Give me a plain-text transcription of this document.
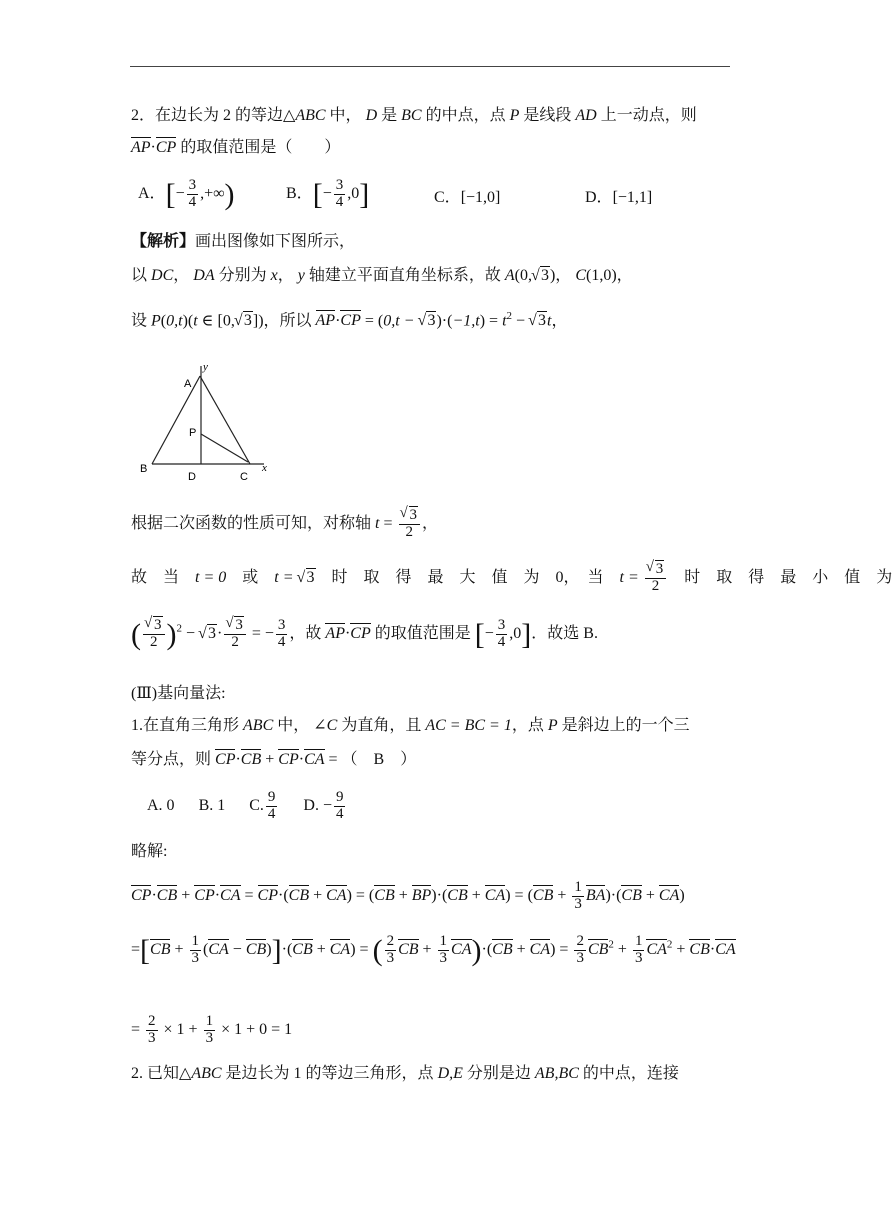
2．在边长为 2 的等边△ABC 中， D 是 BC 的中点，点 P 是线段 AD 上一动点，则
AP·CP 的取值范围是（　　）
A．[− $\frac{3}{4}$ ,+∞)	B．[− $\frac{3}{4} ,0$]	C．[−1,0]	D．[−1,1]
【解析】画出图像如下图所示，
以 DC， DA 分别为 x， y 轴建立平面直角坐标系，故 A(0, √ 3)， C(1,0)，
设 P(0,t)(t ∈ [0, √ 3])，所以 AP·CP = (0,t − √ $3)\cdot(-1,t) = t^2$ − √ 3t，
A
y
P
B
D	C
x
根据二次函数的性质可知，对称轴 t = √ $\frac{3}{2}$ ，
故　当　t = 0　或　t = √ 3　时　取　得　最　大　值　为　0，　当　t = √ $\frac{3}{2}$ 　时　取　得　最　小　值　为
( √ $\frac{3}{2} )^2$ − √ 3· √ $\frac{3}{2}$ = − $\frac{3}{4}$ ，故 AP·CP 的取值范围是 [− $\frac{3}{4} ,0$]．故选 B.
(Ⅲ)基向量法:
1.在直角三角形 ABC 中， ∠C 为直角，且 AC = BC = 1，点 P 是斜边上的一个三
等分点，则 CP·CB + CP·CA = （　B　）
A. 0 B. 1 C. $\frac{9}{4} D$. − $\frac{9}{4}$
略解:
$CP\cdot CB + CP\cdot CA = CP\cdot(CB + CA) = (CB + BP)\cdot(CB + CA) = (CB + \frac{1}{3} BA)\cdot(CB + CA)$
$=[CB + \frac{1}{3} (CA - CB)]\cdot(CB + CA)$ = ( $\frac{2}{3}$ CB + $\frac{1}{3} CA)\cdot(CB + CA) = \frac{2}{3} CB^2 + \frac{1}{3} CA^2 + CB\cdot CA$
= $\frac{2}{3} \times 1 + \frac{1}{3} \times 1 + 0 = 1$
2. 已知△ABC 是边长为 1 的等边三角形，点 D,E 分别是边 AB,BC 的中点，连接
